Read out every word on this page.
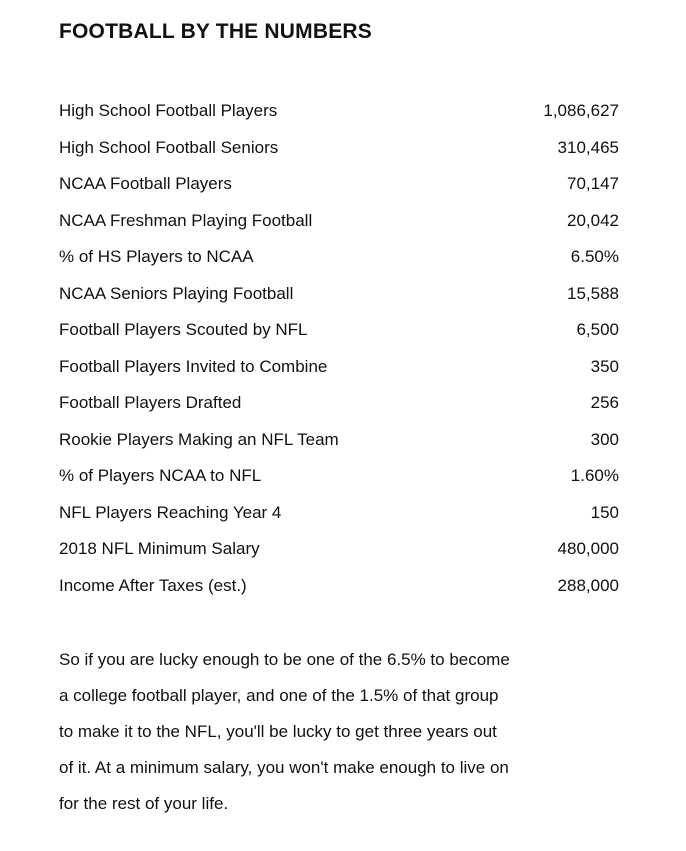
FOOTBALL BY THE NUMBERS
High School Football Players	1,086,627
High School Football Seniors	310,465
NCAA Football Players	70,147
NCAA Freshman Playing Football	20,042
% of HS Players to NCAA	6.50%
NCAA Seniors Playing Football	15,588
Football Players Scouted by NFL	6,500
Football Players Invited to Combine	350
Football Players Drafted	256
Rookie Players Making an NFL Team	300
% of Players NCAA to NFL	1.60%
NFL Players Reaching Year 4	150
2018 NFL Minimum Salary	480,000
Income After Taxes (est.)	288,000

So if you are lucky enough to be one of the 6.5% to become
a college football player, and one of the 1.5% of that group
to make it to the NFL, you'll be lucky to get three years out
of it. At a minimum salary, you won't make enough to live on
for the rest of your life.
